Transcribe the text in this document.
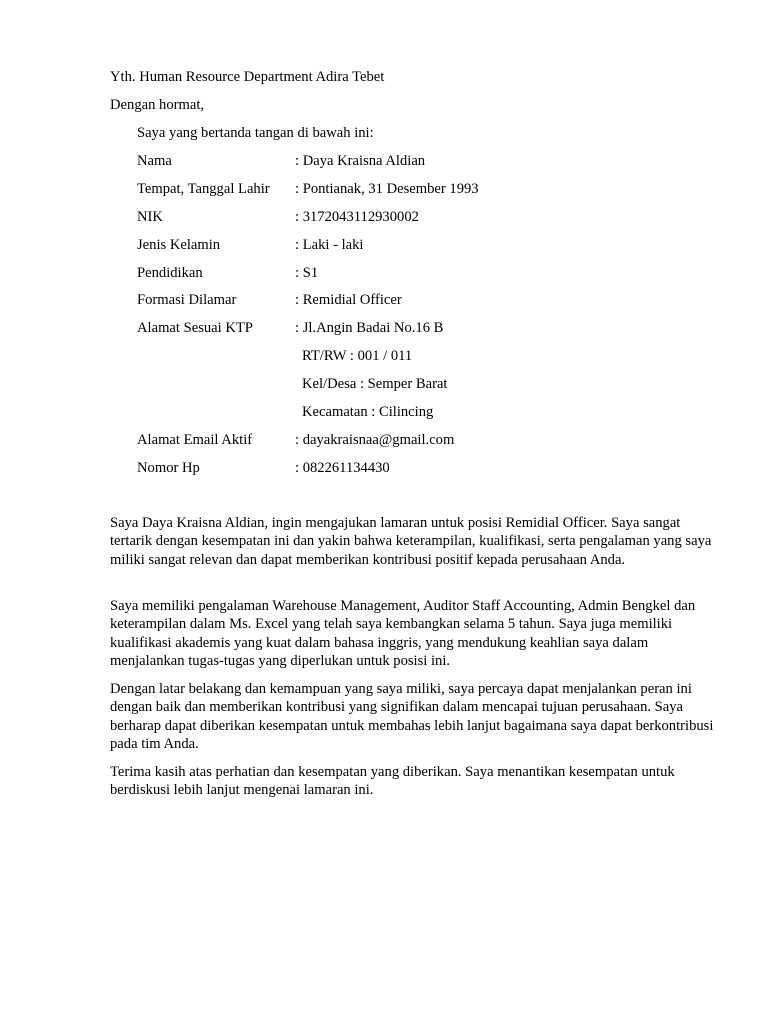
Yth. Human Resource Department Adira Tebet
Dengan hormat,
Saya yang bertanda tangan di bawah ini:
Nama	: Daya Kraisna Aldian
Tempat, Tanggal Lahir : Pontianak, 31 Desember 1993
NIK	: 3172043112930002
Jenis Kelamin	: Laki - laki
Pendidikan	: S1
Formasi Dilamar	: Remidial Officer
Alamat Sesuai KTP	: Jl.Angin Badai No.16 B
RT/RW : 001 / 011
Kel/Desa : Semper Barat
Kecamatan : Cilincing
Alamat Email Aktif	: dayakraisnaa@gmail.com
Nomor Hp	: 082261134430

Saya Daya Kraisna Aldian, ingin mengajukan lamaran untuk posisi Remidial Officer. Saya sangat tertarik dengan kesempatan ini dan yakin bahwa keterampilan, kualifikasi, serta pengalaman yang saya miliki sangat relevan dan dapat memberikan kontribusi positif kepada perusahaan Anda.

Saya memiliki pengalaman Warehouse Management, Auditor Staff Accounting, Admin Bengkel dan keterampilan dalam Ms. Excel yang telah saya kembangkan selama 5 tahun. Saya juga memiliki kualifikasi akademis yang kuat dalam bahasa inggris, yang mendukung keahlian saya dalam menjalankan tugas-tugas yang diperlukan untuk posisi ini.

Dengan latar belakang dan kemampuan yang saya miliki, saya percaya dapat menjalankan peran ini dengan baik dan memberikan kontribusi yang signifikan dalam mencapai tujuan perusahaan. Saya berharap dapat diberikan kesempatan untuk membahas lebih lanjut bagaimana saya dapat berkontribusi pada tim Anda.

Terima kasih atas perhatian dan kesempatan yang diberikan. Saya menantikan kesempatan untuk berdiskusi lebih lanjut mengenai lamaran ini.
